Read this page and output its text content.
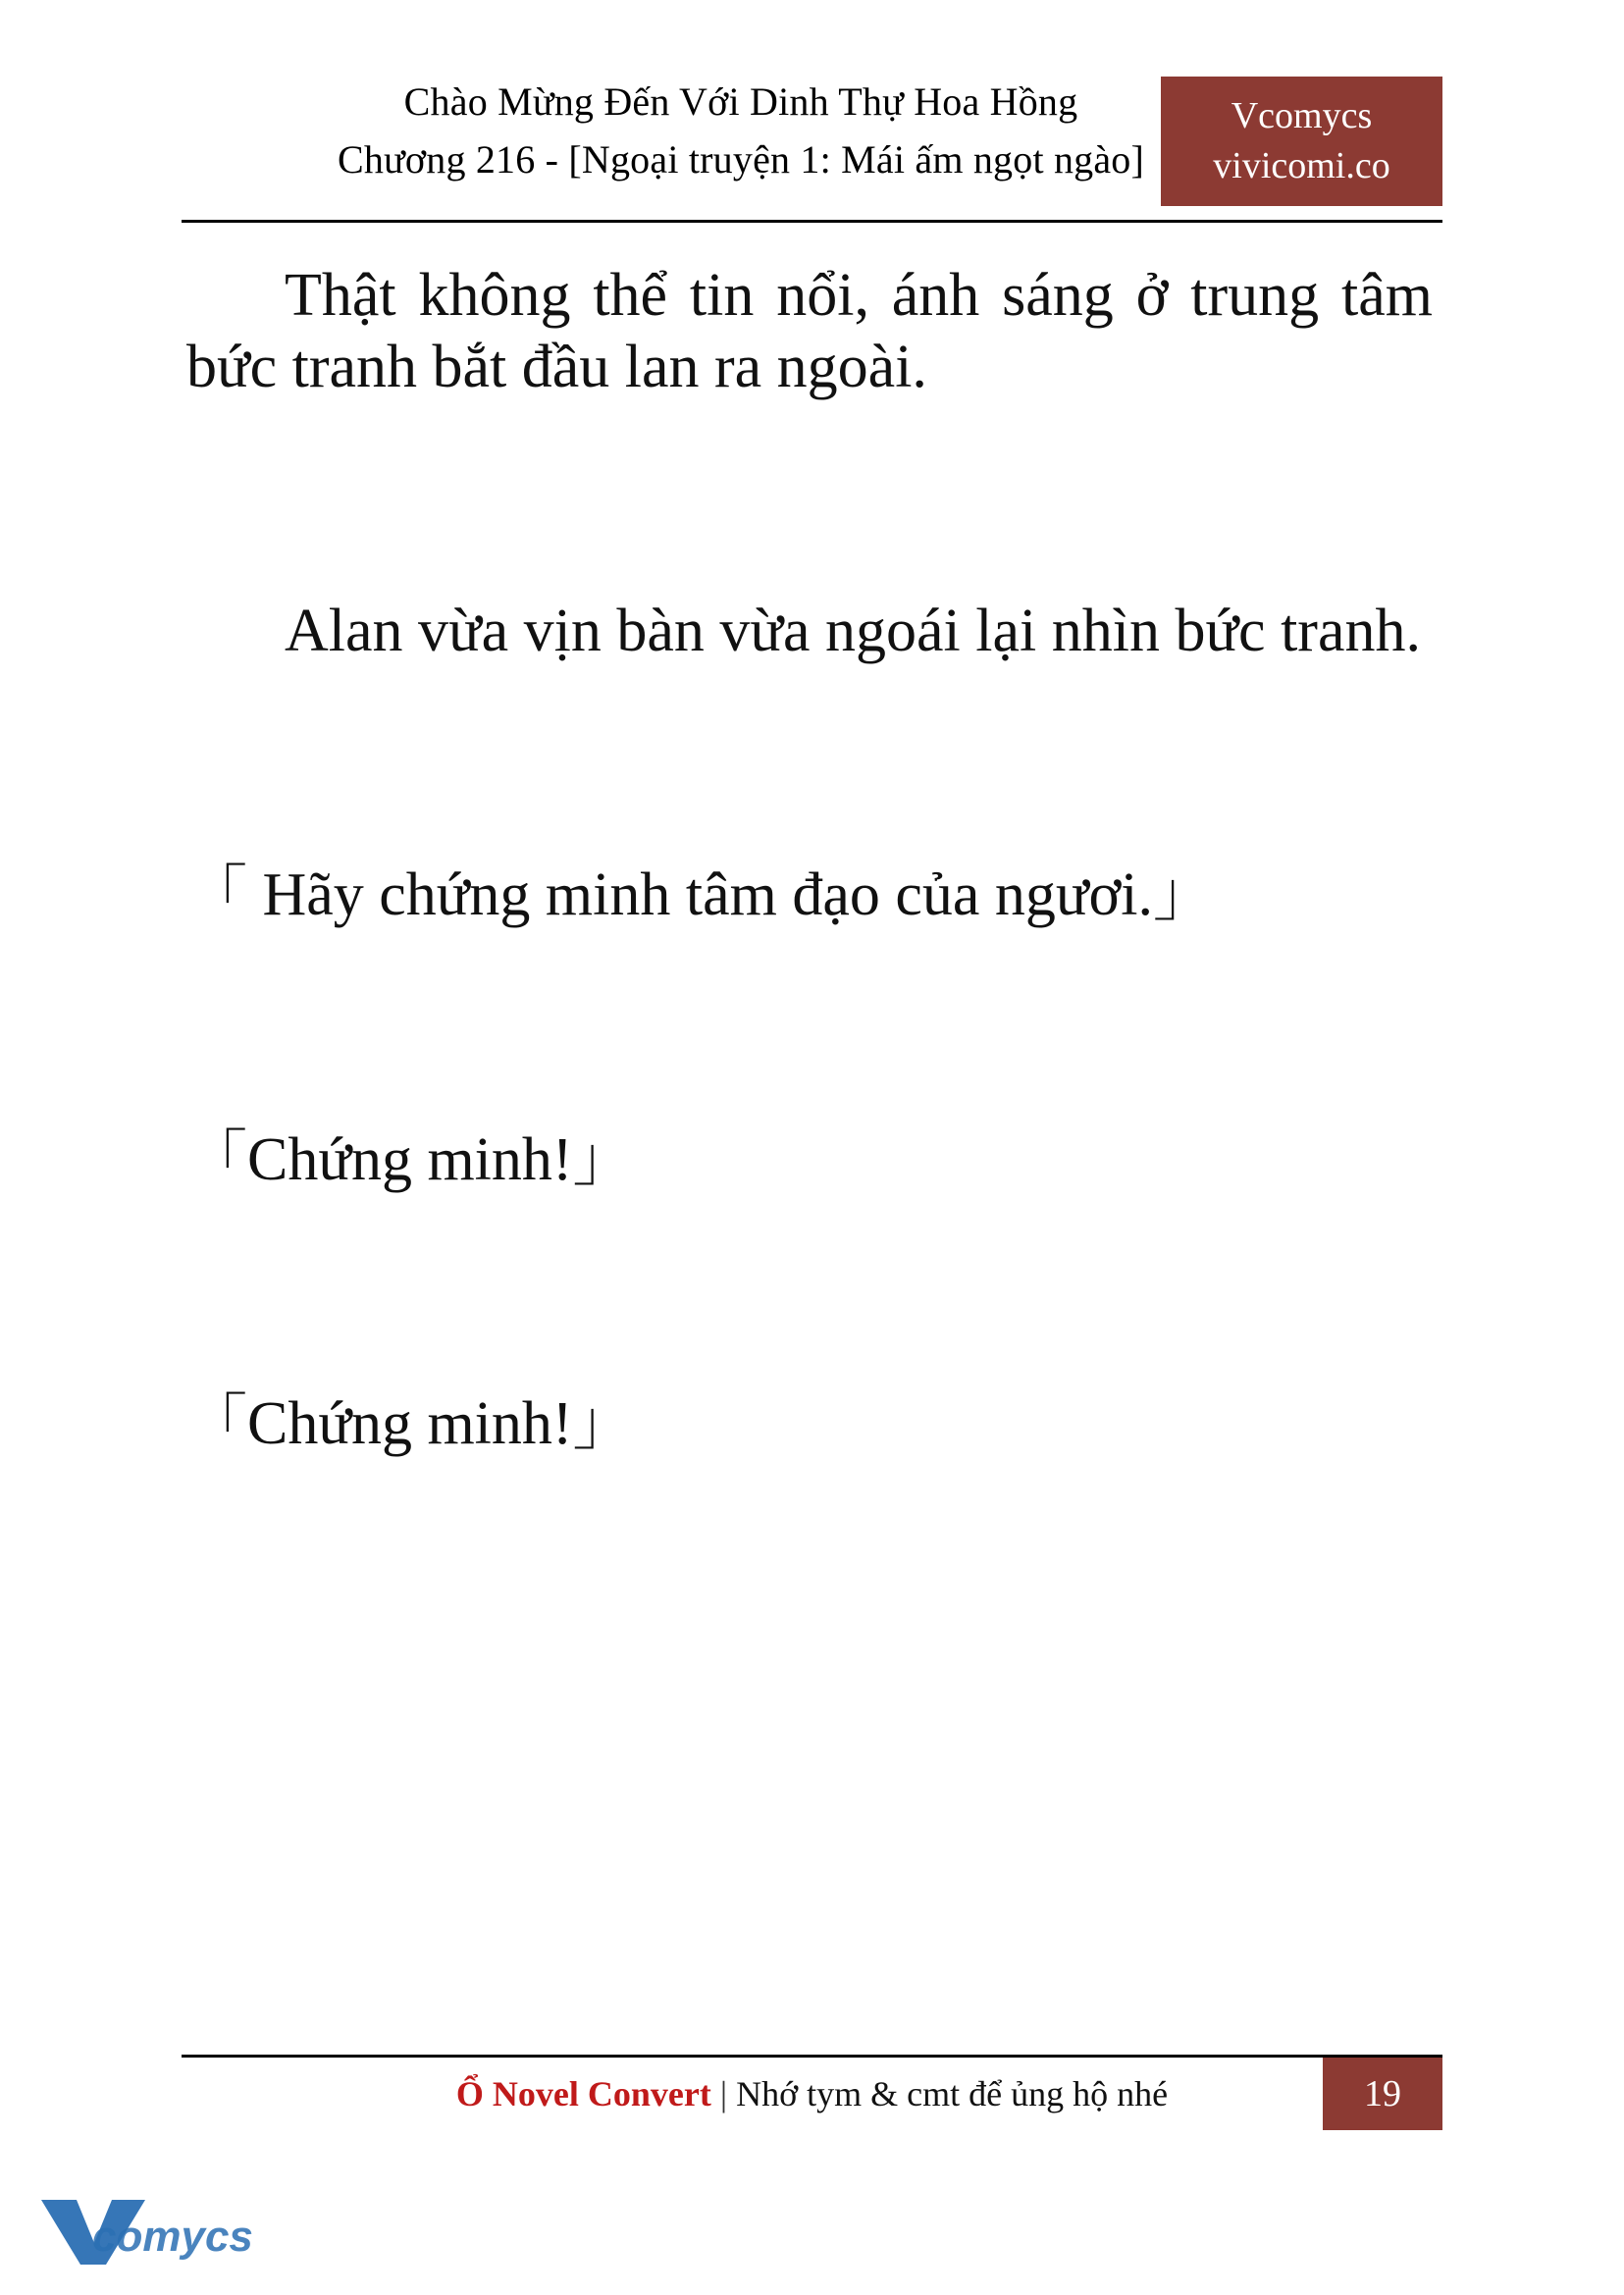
Chào Mừng Đến Với Dinh Thự Hoa Hồng
Chương 216 - [Ngoại truyện 1: Mái ấm ngọt ngào]
Vcomycs
vivicomi.co

Thật không thể tin nổi, ánh sáng ở trung tâm bức tranh bắt đầu lan ra ngoài.

Alan vừa vịn bàn vừa ngoái lại nhìn bức tranh.

「 Hãy chứng minh tâm đạo của ngươi.」

「Chứng minh!」

「Chứng minh!」

Ổ Novel Convert | Nhớ tym & cmt để ủng hộ nhé	19
comycs
